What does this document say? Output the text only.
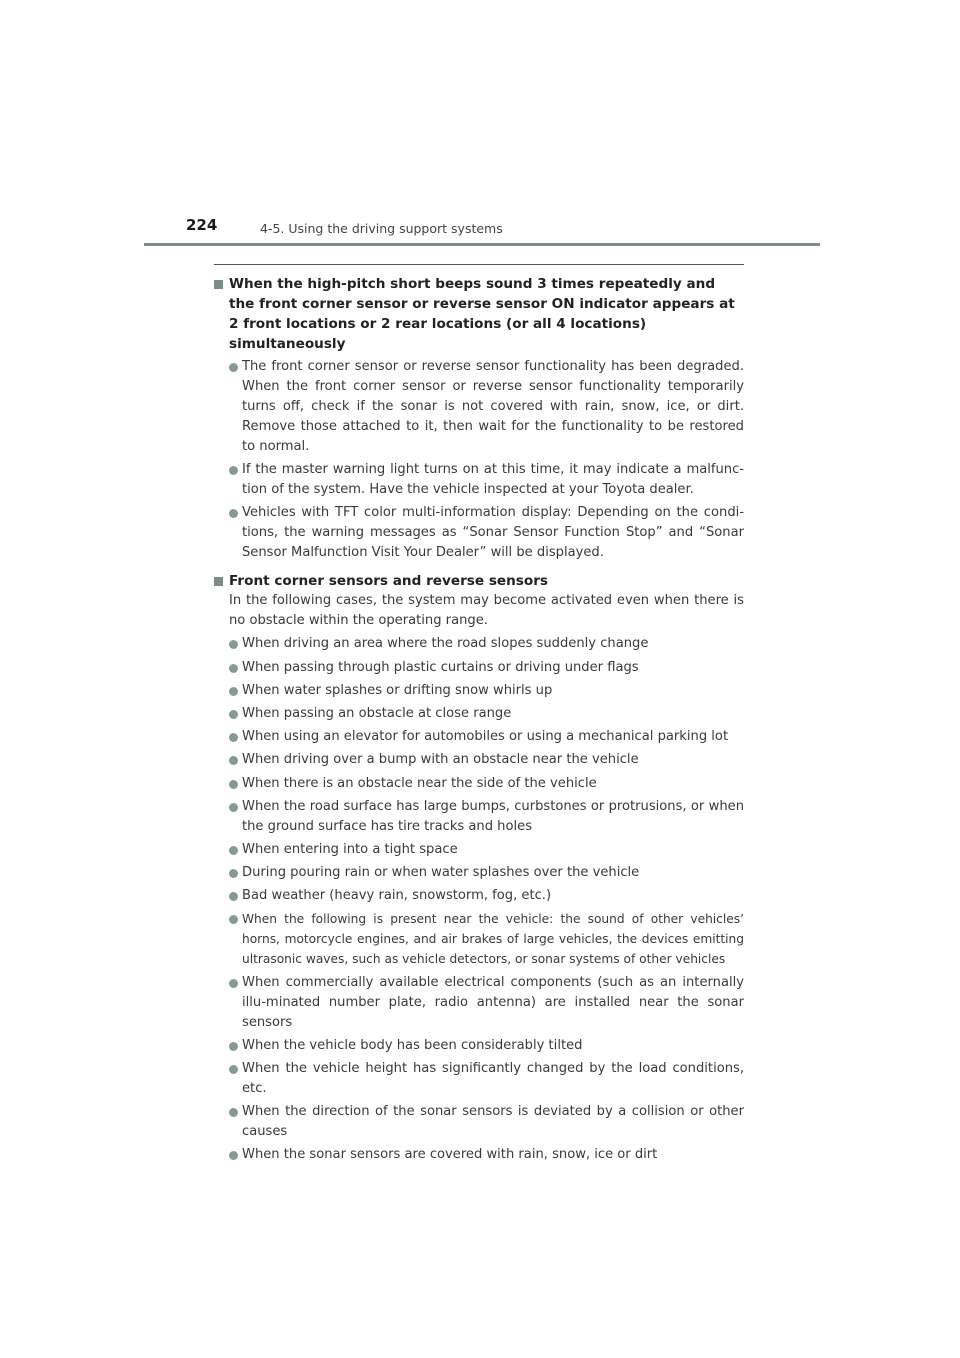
224	4-5. Using the driving support systems
When the high-pitch short beeps sound 3 times repeatedly and the front corner sensor or reverse sensor ON indicator appears at 2 front locations or 2 rear locations (or all 4 locations) simultaneously
The front corner sensor or reverse sensor functionality has been degraded. When the front corner sensor or reverse sensor functionality temporarily turns off, check if the sonar is not covered with rain, snow, ice, or dirt. Remove those attached to it, then wait for the functionality to be restored to normal.
If the master warning light turns on at this time, it may indicate a malfunc-tion of the system. Have the vehicle inspected at your Toyota dealer.
Vehicles with TFT color multi-information display: Depending on the condi-tions, the warning messages as “Sonar Sensor Function Stop” and “Sonar Sensor Malfunction Visit Your Dealer” will be displayed.
Front corner sensors and reverse sensors
In the following cases, the system may become activated even when there is no obstacle within the operating range.
When driving an area where the road slopes suddenly change
When passing through plastic curtains or driving under flags
When water splashes or drifting snow whirls up
When passing an obstacle at close range
When using an elevator for automobiles or using a mechanical parking lot
When driving over a bump with an obstacle near the vehicle
When there is an obstacle near the side of the vehicle
When the road surface has large bumps, curbstones or protrusions, or when the ground surface has tire tracks and holes
When entering into a tight space
During pouring rain or when water splashes over the vehicle
Bad weather (heavy rain, snowstorm, fog, etc.)
When the following is present near the vehicle: the sound of other vehicles’ horns, motorcycle engines, and air brakes of large vehicles, the devices emitting ultrasonic waves, such as vehicle detectors, or sonar systems of other vehicles
When commercially available electrical components (such as an internally illu-minated number plate, radio antenna) are installed near the sonar sensors
When the vehicle body has been considerably tilted
When the vehicle height has significantly changed by the load conditions, etc.
When the direction of the sonar sensors is deviated by a collision or other causes
When the sonar sensors are covered with rain, snow, ice or dirt
